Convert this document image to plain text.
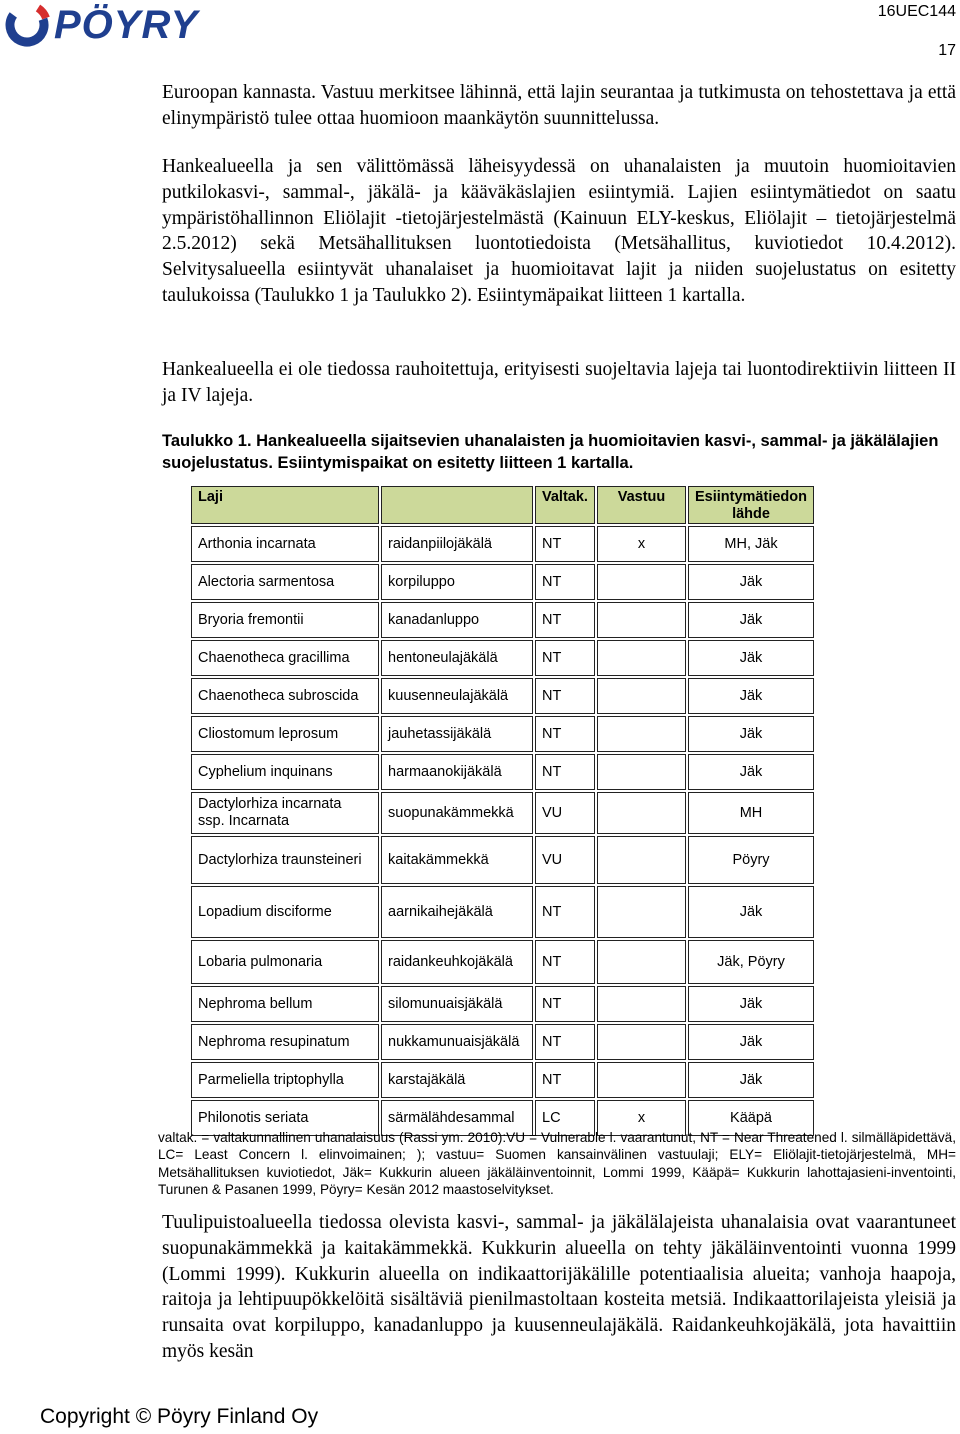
PÖYRY	16UEC144
17

Euroopan kannasta. Vastuu merkitsee lähinnä, että lajin seurantaa ja tutkimusta on tehostettava ja että elinympäristö tulee ottaa huomioon maankäytön suunnittelussa.

Hankealueella ja sen välittömässä läheisyydessä on uhanalaisten ja muutoin huomioitavien putkilokasvi-, sammal-, jäkälä- ja kääväkäslajien esiintymiä. Lajien esiintymätiedot on saatu ympäristöhallinnon Eliölajit -tietojärjestelmästä (Kainuun ELY-keskus, Eliölajit – tietojärjestelmä 2.5.2012) sekä Metsähallituksen luontotiedoista (Metsähallitus, kuviotiedot 10.4.2012). Selvitysalueella esiintyvät uhanalaiset ja huomioitavat lajit ja niiden suojelustatus on esitetty taulukoissa (Taulukko 1 ja Taulukko 2). Esiintymäpaikat liitteen 1 kartalla.

Hankealueella ei ole tiedossa rauhoitettuja, erityisesti suojeltavia lajeja tai luontodirektiivin liitteen II ja IV lajeja.

Taulukko 1. Hankealueella sijaitsevien uhanalaisten ja huomioitavien kasvi-, sammal- ja jäkälälajien suojelustatus. Esiintymispaikat on esitetty liitteen 1 kartalla.

Laji		Valtak.	Vastuu	Esiintymätiedon lähde
Arthonia incarnata	raidanpiilojäkälä	NT	x	MH, Jäk
Alectoria sarmentosa	korpiluppo	NT		Jäk
Bryoria fremontii	kanadanluppo	NT		Jäk
Chaenotheca gracillima	hentoneulajäkälä	NT		Jäk
Chaenotheca subroscida	kuusenneulajäkälä	NT		Jäk
Cliostomum leprosum	jauhetassijäkälä	NT		Jäk
Cyphelium inquinans	harmaanokijäkälä	NT		Jäk
Dactylorhiza incarnata ssp. Incarnata	suopunakämmekkä	VU		MH
Dactylorhiza traunsteineri	kaitakämmekkä	VU		Pöyry
Lopadium disciforme	aarnikaihejäkälä	NT		Jäk
Lobaria pulmonaria	raidankeuhkojäkälä	NT		Jäk, Pöyry
Nephroma bellum	silomunuaisjäkälä	NT		Jäk
Nephroma resupinatum	nukkamunuaisjäkälä	NT		Jäk
Parmeliella triptophylla	karstajäkälä	NT		Jäk
Philonotis seriata	särmälähdesammal	LC	x	Kääpä

valtak. = valtakunnallinen uhanalaisuus (Rassi ym. 2010):VU = Vulnerable l. vaarantunut, NT = Near Threatened l. silmälläpidettävä, LC= Least Concern l. elinvoimainen; ); vastuu= Suomen kansainvälinen vastuulaji; ELY= Eliölajit-tietojärjestelmä, MH= Metsähallituksen kuviotiedot, Jäk= Kukkurin alueen jäkäläinventoinnit, Lommi 1999, Kääpä= Kukkurin lahottajasieni-inventointi, Turunen & Pasanen 1999, Pöyry= Kesän 2012 maastoselvitykset.

Tuulipuistoalueella tiedossa olevista kasvi-, sammal- ja jäkälälajeista uhanalaisia ovat vaarantuneet suopunakämmekkä ja kaitakämmekkä. Kukkurin alueella on tehty jäkäläinventointi vuonna 1999 (Lommi 1999). Kukkurin alueella on indikaattorijäkälille potentiaalisia alueita; vanhoja haapoja, raitoja ja lehtipuupökkelöitä sisältäviä pienilmastoltaan kosteita metsiä. Indikaattorilajeista yleisiä ja runsaita ovat korpiluppo, kanadanluppo ja kuusenneulajäkälä. Raidankeuhkojäkälä, jota havaittiin myös kesän

Copyright © Pöyry Finland Oy
